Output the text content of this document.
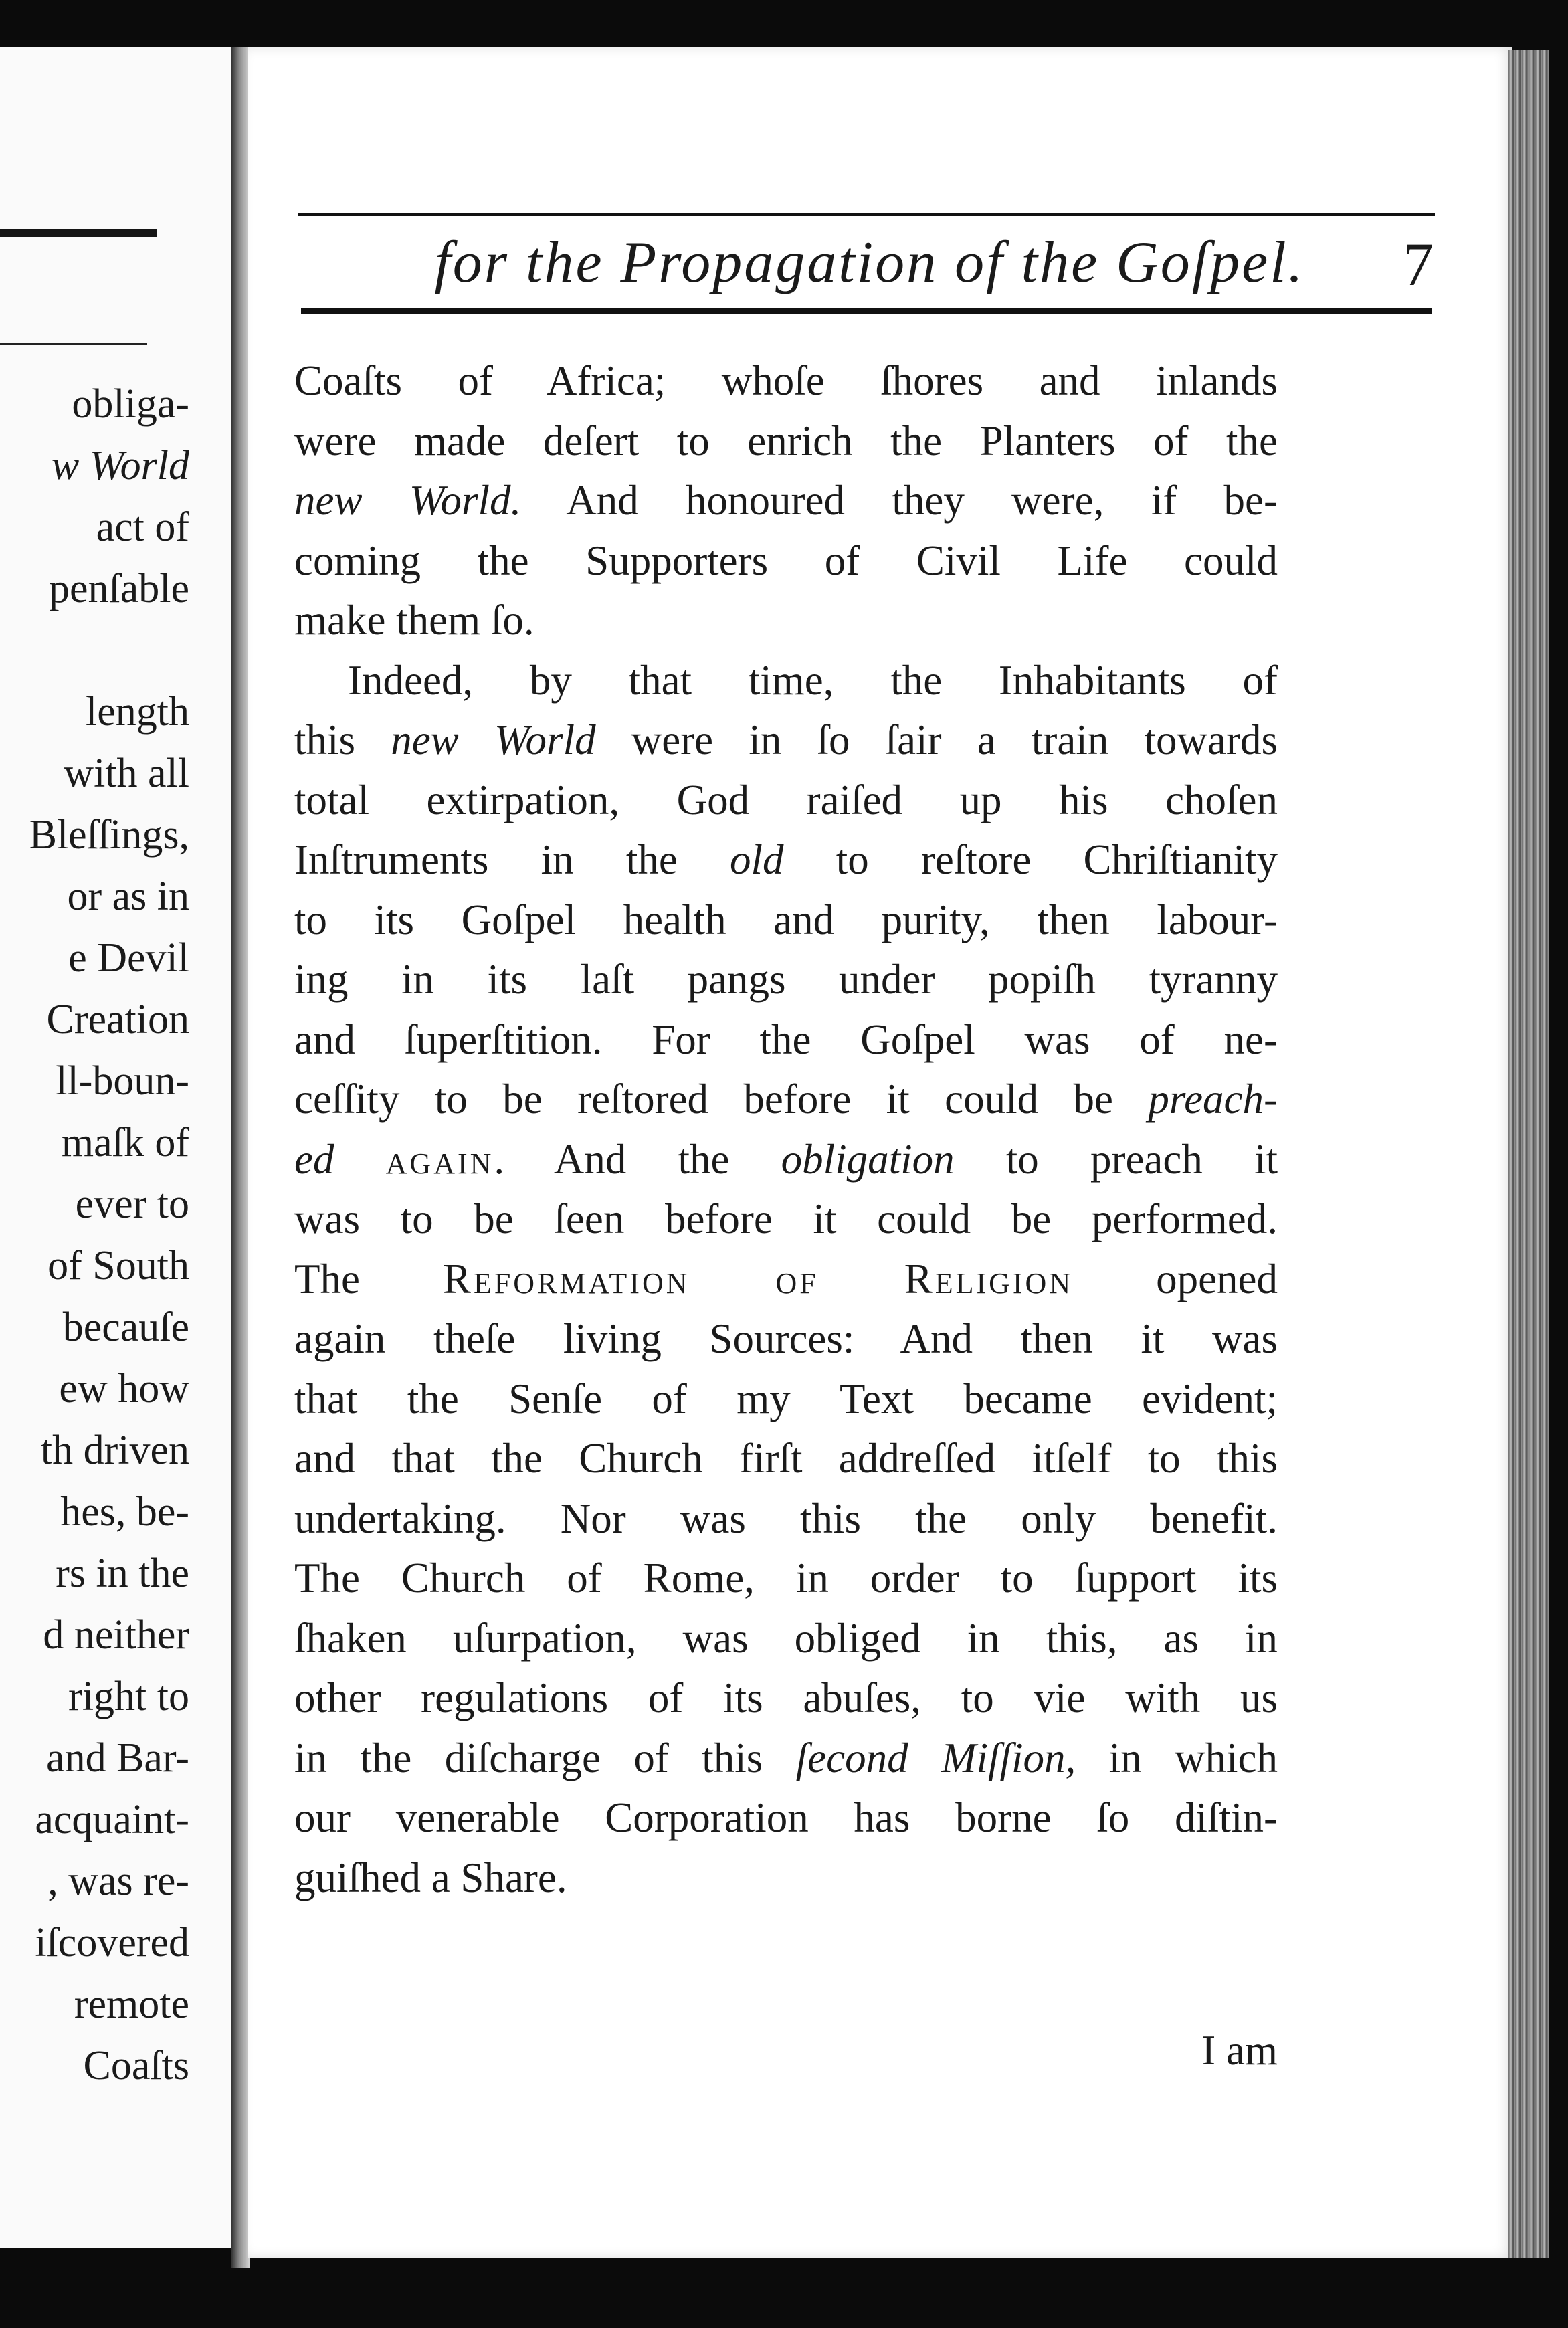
obliga-
w World
act of
penſable
length
with all
Bleſſings,
or as in
e Devil
Creation
ll-boun-
maſk of
ever to
of South
becauſe
ew how
th driven
hes, be-
rs in the
d neither
right to
and Bar-
acquaint-
, was re-
iſcovered
remote
Coaſts
for the Propagation of the Goſpel.	7
Coaſts of Africa; whoſe ſhores and inlands
were made deſert to enrich the Planters of the
new World. And honoured they were, if be-
coming the Supporters of Civil Life could
make them ſo.
Indeed, by that time, the Inhabitants of
this new World were in ſo ſair a train towards
total extirpation, God raiſed up his choſen
Inſtruments in the old to reſtore Chriſtianity
to its Goſpel health and purity, then labour-
ing in its laſt pangs under popiſh tyranny
and ſuperſtition. For the Goſpel was of ne-
ceſſity to be reſtored before it could be preach-
ed again. And the obligation to preach it
was to be ſeen before it could be performed.
The Reformation of Religion opened
again theſe living Sources: And then it was
that the Senſe of my Text became evident;
and that the Church firſt addreſſed itſelf to this
undertaking. Nor was this the only benefit.
The Church of Rome, in order to ſupport its
ſhaken uſurpation, was obliged in this, as in
other regulations of its abuſes, to vie with us
in the diſcharge of this ſecond Miſſion, in which
our venerable Corporation has borne ſo diſtin-
guiſhed a Share.
I am
